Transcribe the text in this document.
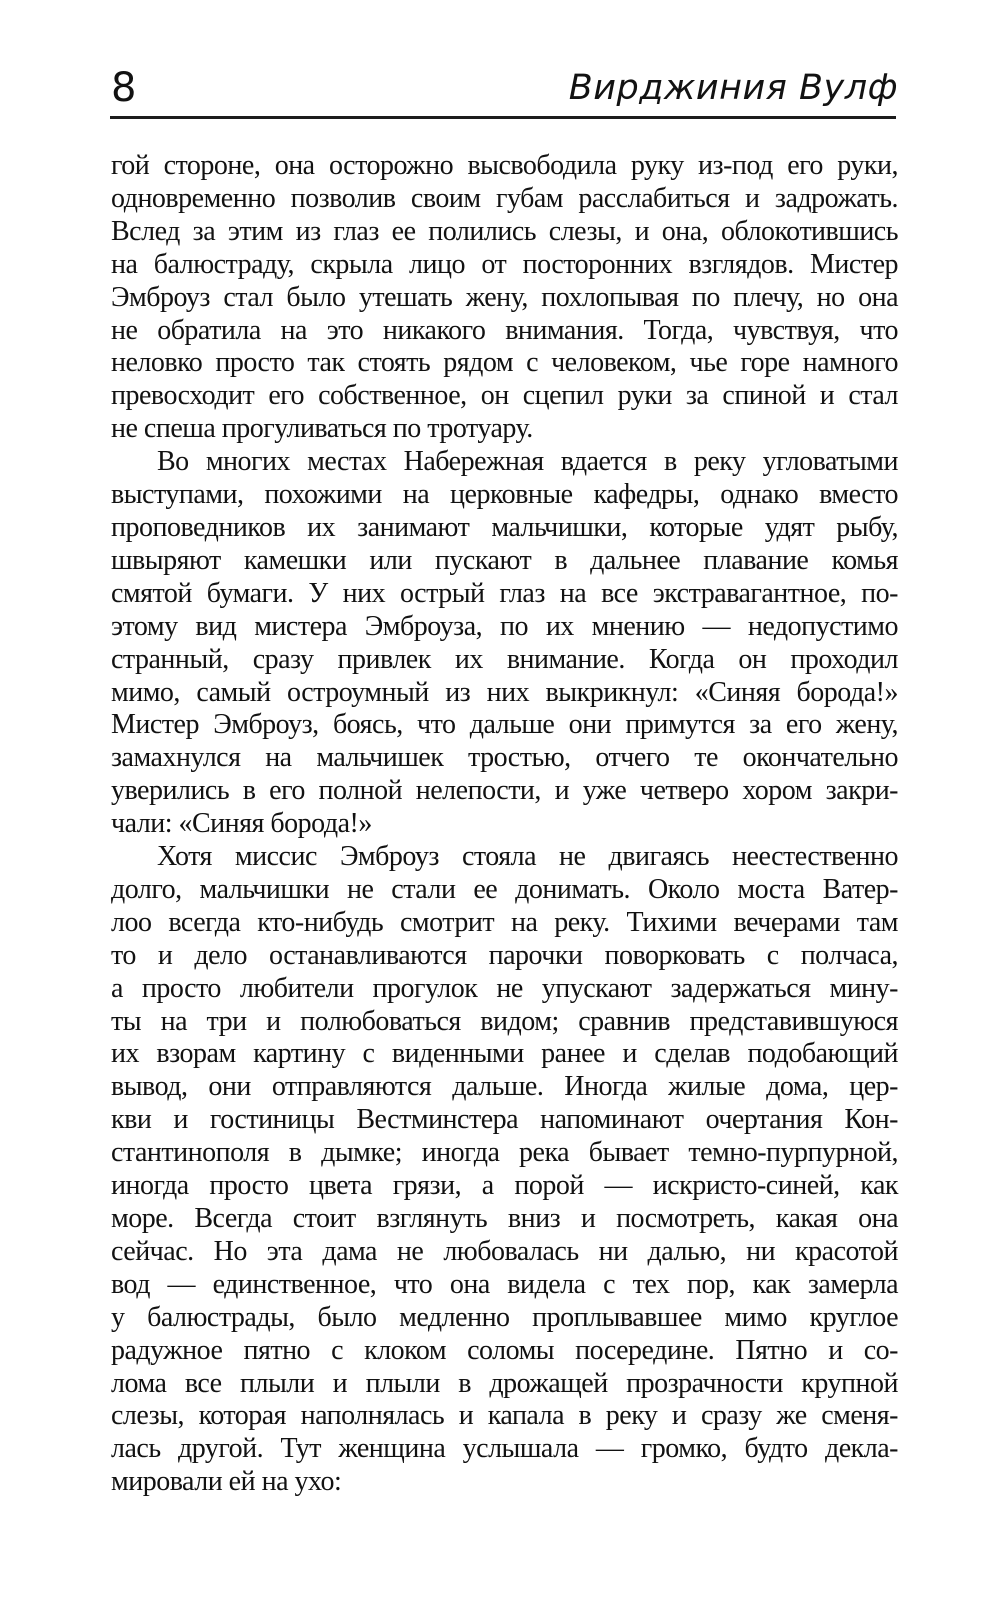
8	Вирджиния Вулф
гой стороне, она осторожно высвободила руку из-под его руки,
одновременно позволив своим губам расслабиться и задрожать.
Вслед за этим из глаз ее полились слезы, и она, облокотившись
на балюстраду, скрыла лицо от посторонних взглядов. Мистер
Эмброуз стал было утешать жену, похлопывая по плечу, но она
не обратила на это никакого внимания. Тогда, чувствуя, что
неловко просто так стоять рядом с человеком, чье горе намного
превосходит его собственное, он сцепил руки за спиной и стал
не спеша прогуливаться по тротуару.
Во многих местах Набережная вдается в реку угловатыми
выступами, похожими на церковные кафедры, однако вместо
проповедников их занимают мальчишки, которые удят рыбу,
швыряют камешки или пускают в дальнее плавание комья
смятой бумаги. У них острый глаз на все экстравагантное, по-
этому вид мистера Эмброуза, по их мнению — недопустимо
странный, сразу привлек их внимание. Когда он проходил
мимо, самый остроумный из них выкрикнул: «Синяя борода!»
Мистер Эмброуз, боясь, что дальше они примутся за его жену,
замахнулся на мальчишек тростью, отчего те окончательно
уверились в его полной нелепости, и уже четверо хором закри-
чали: «Синяя борода!»
Хотя миссис Эмброуз стояла не двигаясь неестественно
долго, мальчишки не стали ее донимать. Около моста Ватер-
лоо всегда кто-нибудь смотрит на реку. Тихими вечерами там
то и дело останавливаются парочки поворковать с полчаса,
а просто любители прогулок не упускают задержаться мину-
ты на три и полюбоваться видом; сравнив представившуюся
их взорам картину с виденными ранее и сделав подобающий
вывод, они отправляются дальше. Иногда жилые дома, цер-
кви и гостиницы Вестминстера напоминают очертания Кон-
стантинополя в дымке; иногда река бывает темно-пурпурной,
иногда просто цвета грязи, а порой — искристо-синей, как
море. Всегда стоит взглянуть вниз и посмотреть, какая она
сейчас. Но эта дама не любовалась ни далью, ни красотой
вод — единственное, что она видела с тех пор, как замерла
у балюстрады, было медленно проплывавшее мимо круглое
радужное пятно с клоком соломы посередине. Пятно и со-
лома все плыли и плыли в дрожащей прозрачности крупной
слезы, которая наполнялась и капала в реку и сразу же сменя-
лась другой. Тут женщина услышала — громко, будто декла-
мировали ей на ухо:
